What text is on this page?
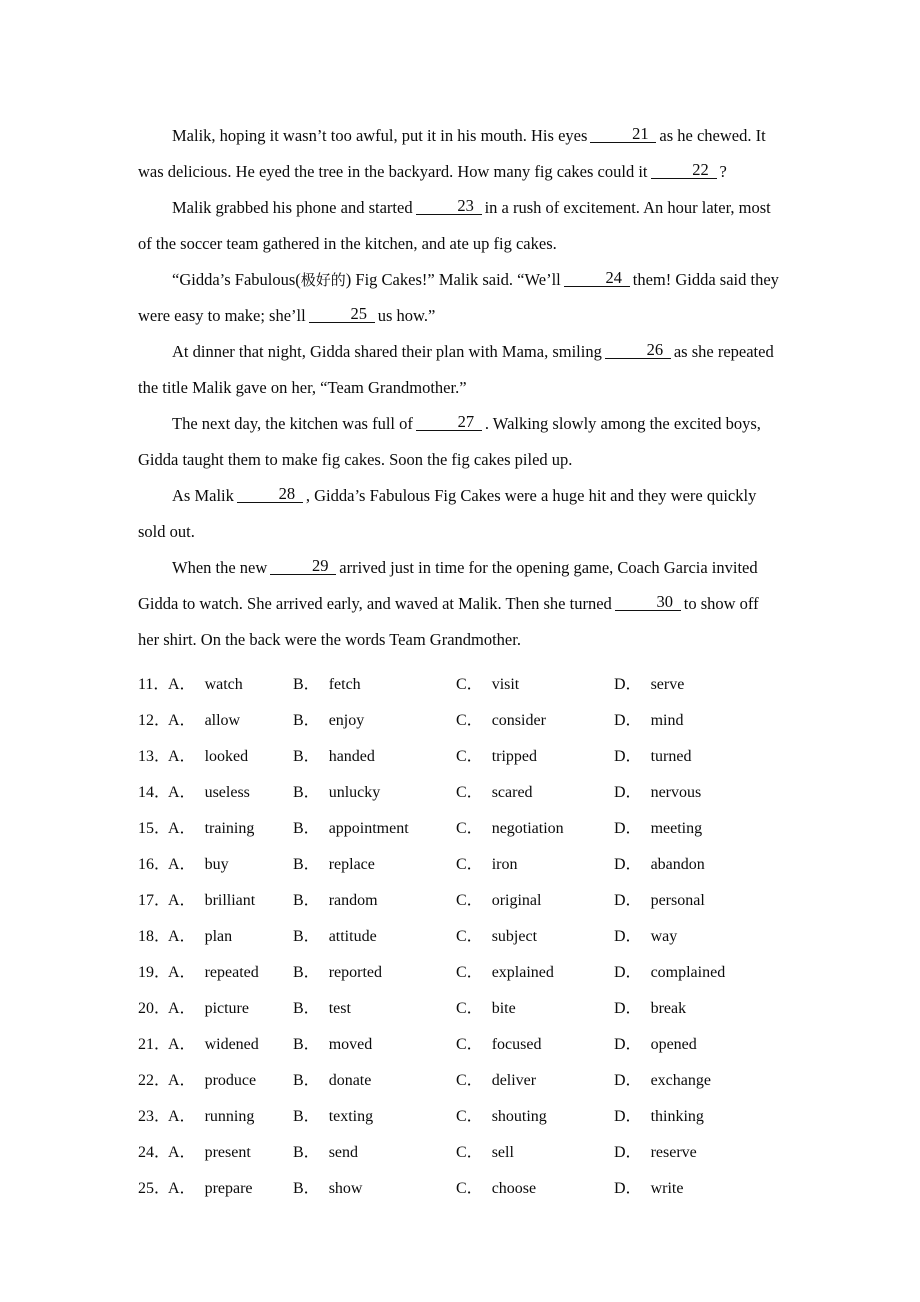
Malik, hoping it wasn’t too awful, put it in his mouth. His eyes	21 as he chewed. It was delicious. He eyed the tree in the backyard. How many fig cakes could it	22 ?
Malik grabbed his phone and started	23 in a rush of excitement. An hour later, most of the soccer team gathered in the kitchen, and ate up fig cakes.
“Gidda’s Fabulous(极好的) Fig Cakes!” Malik said. “We’ll	24 them! Gidda said they were easy to make; she’ll	25 us how.”
At dinner that night, Gidda shared their plan with Mama, smiling	26 as she repeated the title Malik gave on her, “Team Grandmother.”
The next day, the kitchen was full of	27 . Walking slowly among the excited boys, Gidda taught them to make fig cakes. Soon the fig cakes piled up.
As Malik	28 , Gidda’s Fabulous Fig Cakes were a huge hit and they were quickly sold out.
When the new	29 arrived just in time for the opening game, Coach Garcia invited Gidda to watch. She arrived early, and waved at Malik. Then she turned	30 to show off her shirt. On the back were the words Team Grandmother.
11．
A． watch	B． fetch	C． visit	D． serve
12．
A． allow	B． enjoy	C． consider	D． mind
13．
A． looked	B． handed	C． tripped	D． turned
14．
A． useless	B． unlucky	C． scared	D． nervous
15．
A． training B． appointment	C． negotiation	D． meeting
16．
A． buy	B． replace	C． iron	D． abandon
17．
A． brilliant B． random	C． original	D． personal
18．
A． plan	B． attitude	C． subject	D． way
19．
A． repeated B． reported	C． explained	D． complained
20．
A． picture	B． test	C． bite	D． break
21．
A． widened B． moved	C． focused	D． opened
22．
A． produce B． donate	C． deliver	D． exchange
23．
A． running B． texting	C． shouting	D． thinking
24．
A． present	B． send	C． sell	D． reserve
25．
A． prepare	B． show	C． choose	D． write
